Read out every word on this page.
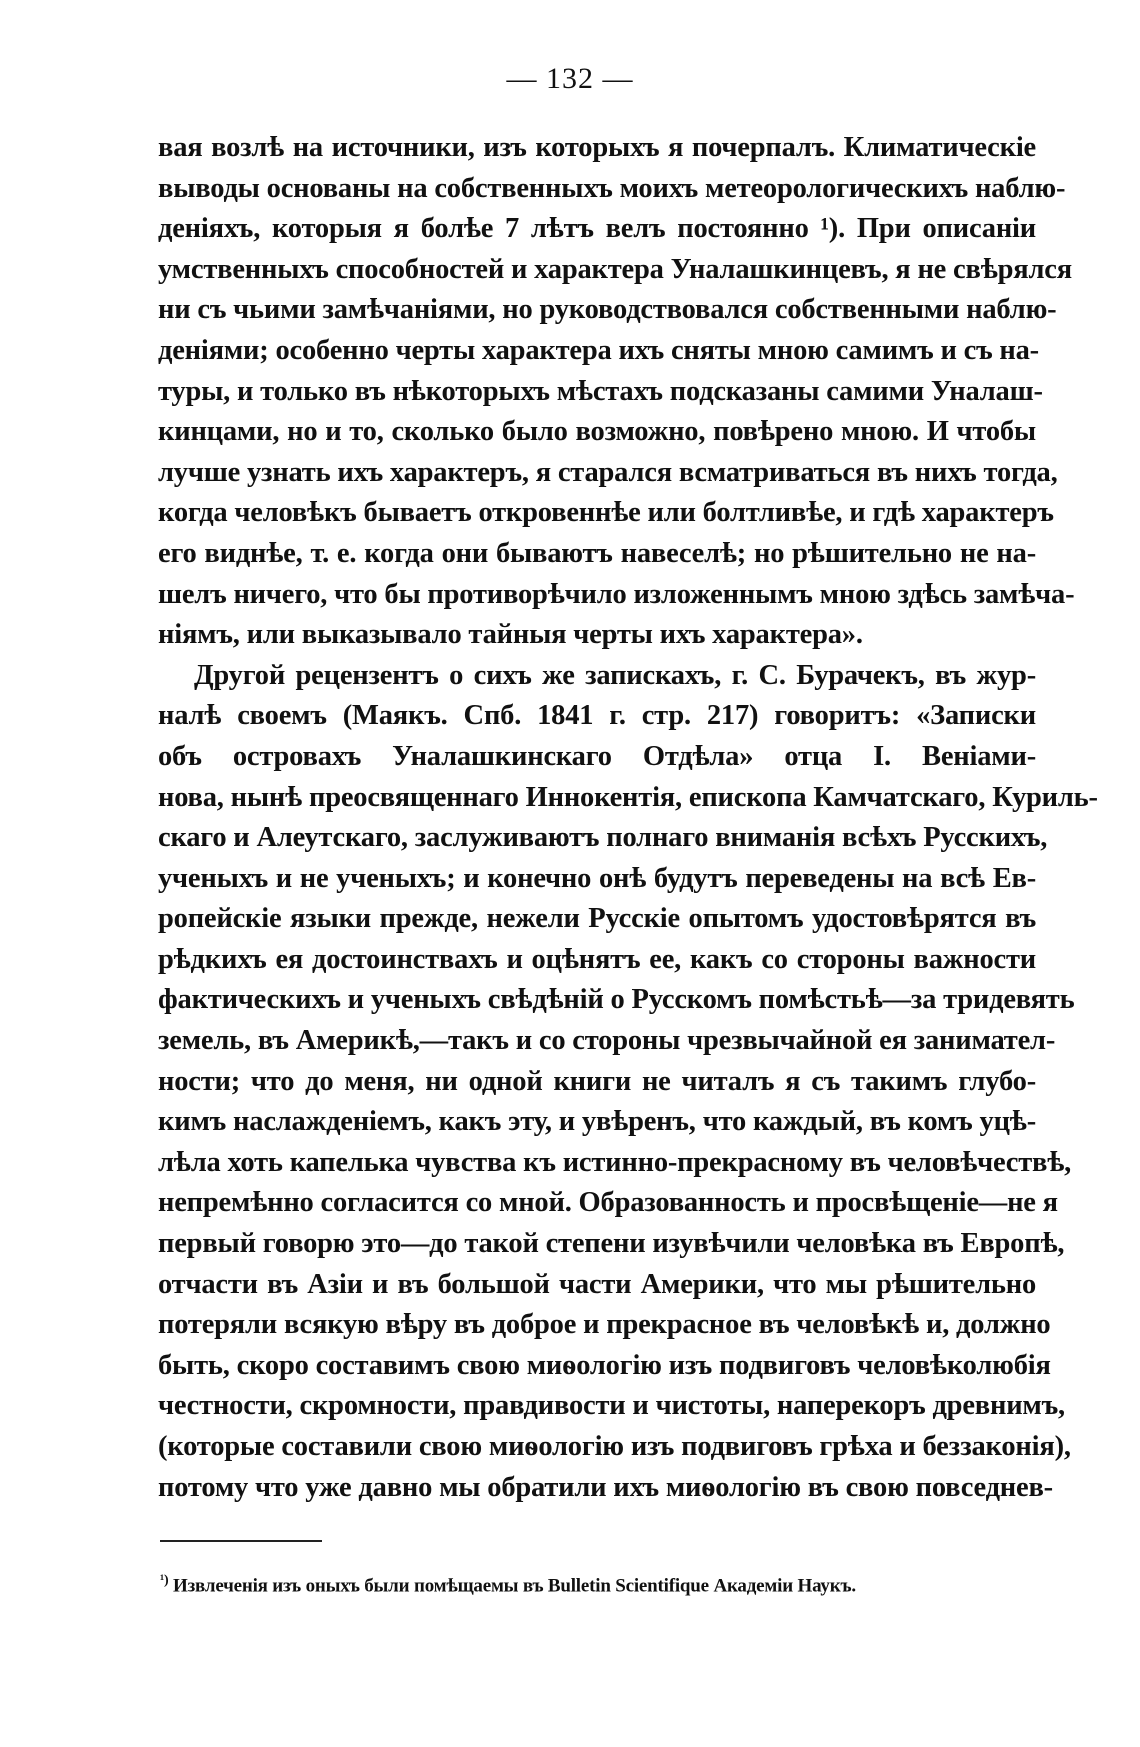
— 132 —
вая возлѣ на источники, изъ которыхъ я почерпалъ. Климатическіе
выводы основаны на собственныхъ моихъ метеорологическихъ наблю-
деніяхъ, которыя я болѣе 7 лѣтъ велъ постоянно ¹). При описаніи
умственныхъ способностей и характера Уналашкинцевъ, я не свѣрялся
ни съ чьими замѣчаніями, но руководствовался собственными наблю-
деніями; особенно черты характера ихъ сняты мною самимъ и съ на-
туры, и только въ нѣкоторыхъ мѣстахъ подсказаны самими Уналаш-
кинцами, но и то, сколько было возможно, повѣрено мною. И чтобы
лучше узнать ихъ характеръ, я старался всматриваться въ нихъ тогда,
когда человѣкъ бываетъ откровеннѣе или болтливѣе, и гдѣ характеръ
его виднѣе, т. е. когда они бываютъ навеселѣ; но рѣшительно не на-
шелъ ничего, что бы противорѣчило изложеннымъ мною здѣсь замѣча-
ніямъ, или выказывало тайныя черты ихъ характера».
Другой рецензентъ о сихъ же запискахъ, г. С. Бурачекъ, въ жур-
налѣ своемъ (Маякъ. Спб. 1841 г. стр. 217) говоритъ: «Записки
объ островахъ Уналашкинскаго Отдѣла» отца І. Веніами-
нова, нынѣ преосвященнаго Иннокентія, епископа Камчатскаго, Куриль-
скаго и Алеутскаго, заслуживаютъ полнаго вниманія всѣхъ Русскихъ,
ученыхъ и не ученыхъ; и конечно онѣ будутъ переведены на всѣ Ев-
ропейскіе языки прежде, нежели Русскіе опытомъ удостовѣрятся въ
рѣдкихъ ея достоинствахъ и оцѣнятъ ее, какъ со стороны важности
фактическихъ и ученыхъ свѣдѣній о Русскомъ помѣстьѣ—за тридевять
земель, въ Америкѣ,—такъ и со стороны чрезвычайной ея занимател-
ности; что до меня, ни одной книги не читалъ я съ такимъ глубо-
кимъ наслажденіемъ, какъ эту, и увѣренъ, что каждый, въ комъ уцѣ-
лѣла хоть капелька чувства къ истинно-прекрасному въ человѣчествѣ,
непремѣнно согласится со мной. Образованность и просвѣщеніе—не я
первый говорю это—до такой степени изувѣчили человѣка въ Европѣ,
отчасти въ Азіи и въ большой части Америки, что мы рѣшительно
потеряли всякую вѣру въ доброе и прекрасное въ человѣкѣ и, должно
быть, скоро составимъ свою миѳологію изъ подвиговъ человѣколюбія
честности, скромности, правдивости и чистоты, наперекоръ древнимъ,
(которые составили свою миѳологію изъ подвиговъ грѣха и беззаконія),
потому что уже давно мы обратили ихъ миѳологію въ свою повседнев-
$^{^1)}$ Извлеченія изъ оныхъ были помѣщаемы въ Bulletin Scientifique Академіи Наукъ.
